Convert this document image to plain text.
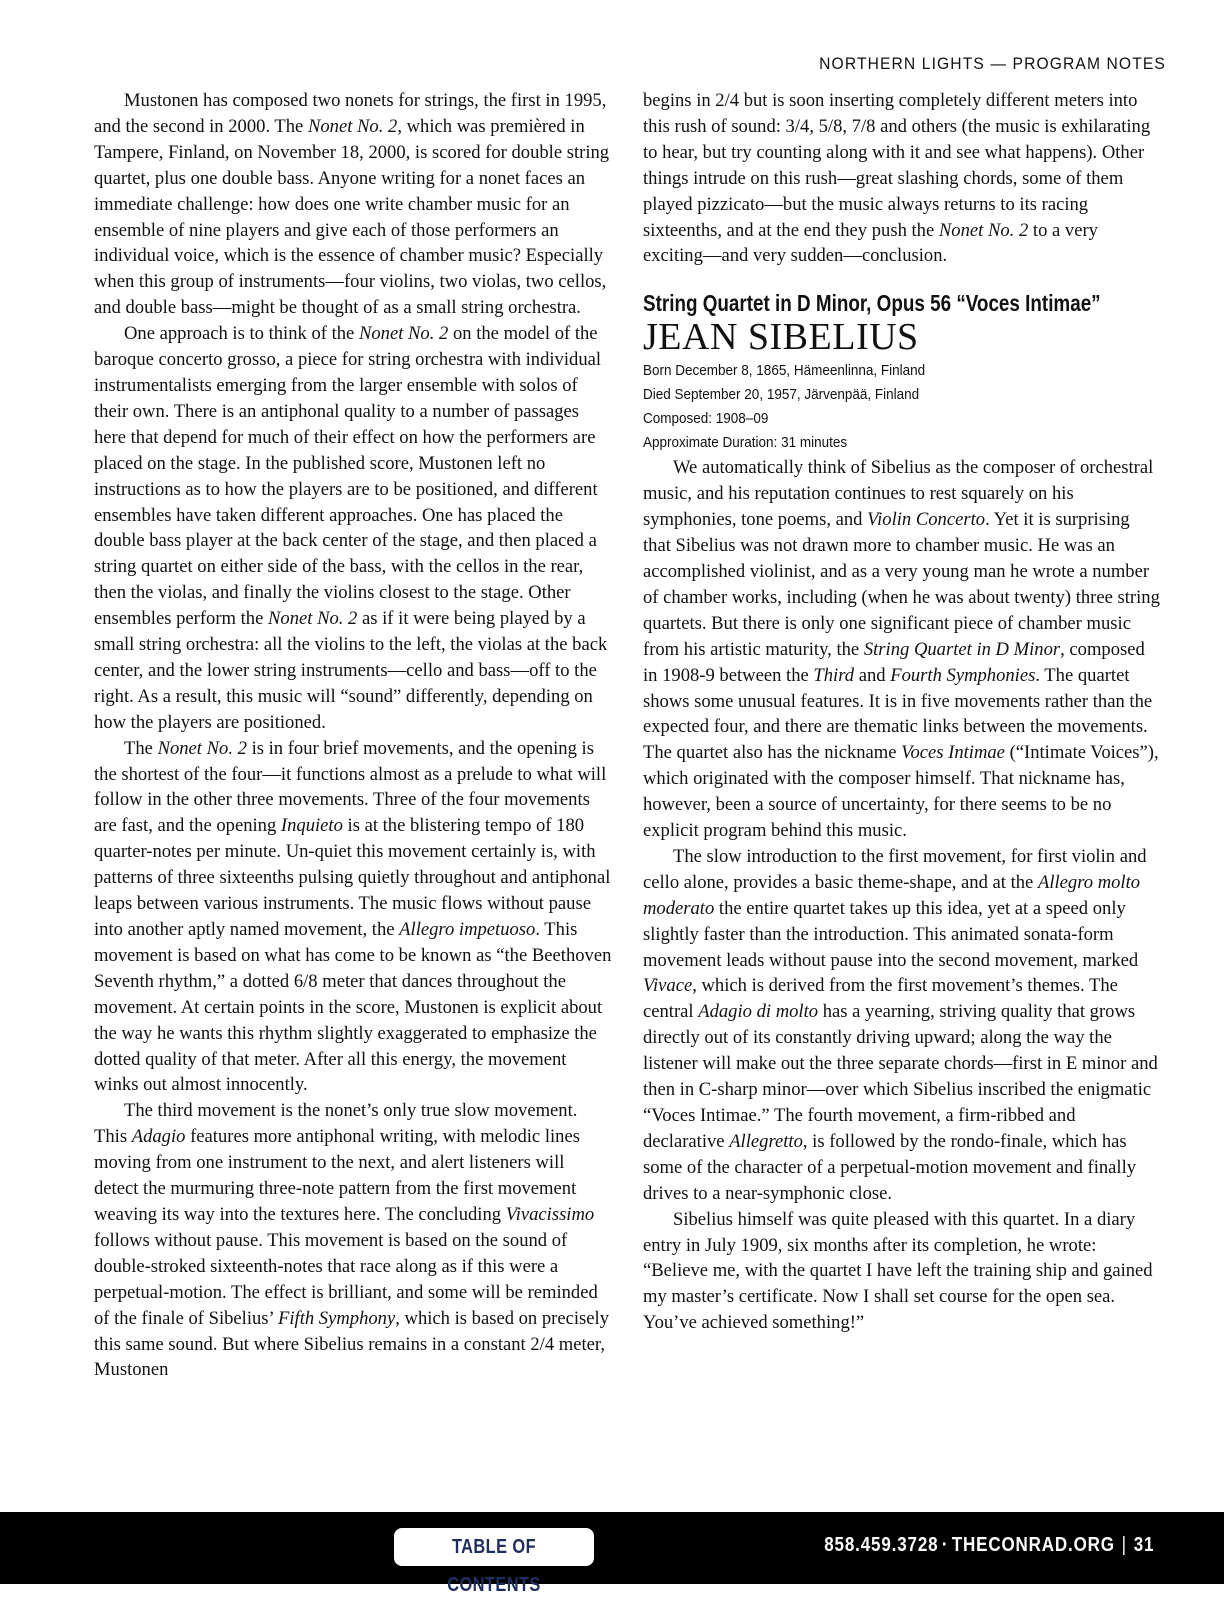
NORTHERN LIGHTS — PROGRAM NOTES

Mustonen has composed two nonets for strings, the first in 1995, and the second in 2000. The Nonet No. 2, which was premièred in Tampere, Finland, on November 18, 2000, is scored for double string quartet, plus one double bass. Anyone writing for a nonet faces an immediate challenge: how does one write chamber music for an ensemble of nine players and give each of those performers an individual voice, which is the essence of chamber music? Especially when this group of instruments—four violins, two violas, two cellos, and double bass—might be thought of as a small string orchestra.

One approach is to think of the Nonet No. 2 on the model of the baroque concerto grosso, a piece for string orchestra with individual instrumentalists emerging from the larger ensemble with solos of their own. There is an antiphonal quality to a number of passages here that depend for much of their effect on how the performers are placed on the stage. In the published score, Mustonen left no instructions as to how the players are to be positioned, and different ensembles have taken different approaches. One has placed the double bass player at the back center of the stage, and then placed a string quartet on either side of the bass, with the cellos in the rear, then the violas, and finally the violins closest to the stage. Other ensembles perform the Nonet No. 2 as if it were being played by a small string orchestra: all the violins to the left, the violas at the back center, and the lower string instruments—cello and bass—off to the right. As a result, this music will “sound” differently, depending on how the players are positioned.

The Nonet No. 2 is in four brief movements, and the opening is the shortest of the four—it functions almost as a prelude to what will follow in the other three movements. Three of the four movements are fast, and the opening Inquieto is at the blistering tempo of 180 quarter-notes per minute. Un-quiet this movement certainly is, with patterns of three sixteenths pulsing quietly throughout and antiphonal leaps between various instruments. The music flows without pause into another aptly named movement, the Allegro impetuoso. This movement is based on what has come to be known as “the Beethoven Seventh rhythm,” a dotted 6/8 meter that dances throughout the movement. At certain points in the score, Mustonen is explicit about the way he wants this rhythm slightly exaggerated to emphasize the dotted quality of that meter. After all this energy, the movement winks out almost innocently.

The third movement is the nonet’s only true slow movement. This Adagio features more antiphonal writing, with melodic lines moving from one instrument to the next, and alert listeners will detect the murmuring three-note pattern from the first movement weaving its way into the textures here. The concluding Vivacissimo follows without pause. This movement is based on the sound of double-stroked sixteenth-notes that race along as if this were a perpetual-motion. The effect is brilliant, and some will be reminded of the finale of Sibelius’ Fifth Symphony, which is based on precisely this same sound. But where Sibelius remains in a constant 2/4 meter, Mustonen

begins in 2/4 but is soon inserting completely different meters into this rush of sound: 3/4, 5/8, 7/8 and others (the music is exhilarating to hear, but try counting along with it and see what happens). Other things intrude on this rush—great slashing chords, some of them played pizzicato—but the music always returns to its racing sixteenths, and at the end they push the Nonet No. 2 to a very exciting—and very sudden—conclusion.

String Quartet in D Minor, Opus 56 “Voces Intimae”
JEAN SIBELIUS
Born December 8, 1865, Hämeenlinna, Finland
Died September 20, 1957, Järvenpää, Finland
Composed: 1908–09
Approximate Duration: 31 minutes

We automatically think of Sibelius as the composer of orchestral music, and his reputation continues to rest squarely on his symphonies, tone poems, and Violin Concerto. Yet it is surprising that Sibelius was not drawn more to chamber music. He was an accomplished violinist, and as a very young man he wrote a number of chamber works, including (when he was about twenty) three string quartets. But there is only one significant piece of chamber music from his artistic maturity, the String Quartet in D Minor, composed in 1908-9 between the Third and Fourth Symphonies. The quartet shows some unusual features. It is in five movements rather than the expected four, and there are thematic links between the movements. The quartet also has the nickname Voces Intimae (“Intimate Voices”), which originated with the composer himself. That nickname has, however, been a source of uncertainty, for there seems to be no explicit program behind this music.

The slow introduction to the first movement, for first violin and cello alone, provides a basic theme-shape, and at the Allegro molto moderato the entire quartet takes up this idea, yet at a speed only slightly faster than the introduction. This animated sonata-form movement leads without pause into the second movement, marked Vivace, which is derived from the first movement’s themes. The central Adagio di molto has a yearning, striving quality that grows directly out of its constantly driving upward; along the way the listener will make out the three separate chords—first in E minor and then in C-sharp minor—over which Sibelius inscribed the enigmatic “Voces Intimae.” The fourth movement, a firm-ribbed and declarative Allegretto, is followed by the rondo-finale, which has some of the character of a perpetual-motion movement and finally drives to a near-symphonic close.

Sibelius himself was quite pleased with this quartet. In a diary entry in July 1909, six months after its completion, he wrote: “Believe me, with the quartet I have left the training ship and gained my master’s certificate. Now I shall set course for the open sea. You’ve achieved something!”

TABLE OF CONTENTS
858.459.3728 · THECONRAD.ORG | 31
